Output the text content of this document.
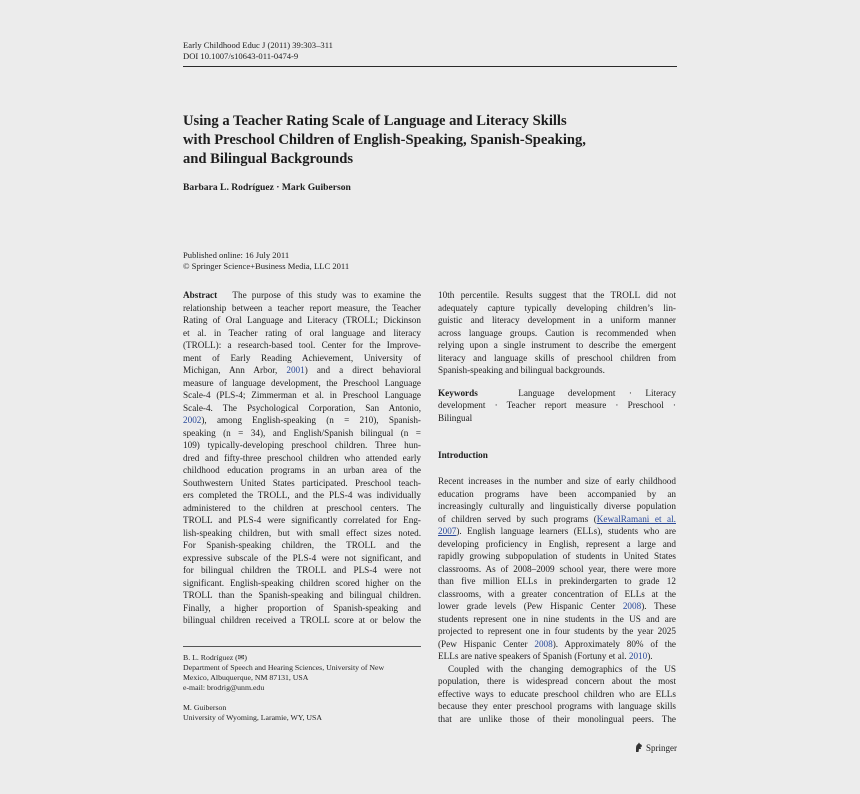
Early Childhood Educ J (2011) 39:303–311
DOI 10.1007/s10643-011-0474-9
Using a Teacher Rating Scale of Language and Literacy Skills
with Preschool Children of English-Speaking, Spanish-Speaking,
and Bilingual Backgrounds
Barbara L. Rodríguez · Mark Guiberson
Published online: 16 July 2011
© Springer Science+Business Media, LLC 2011
Abstract The purpose of this study was to examine the
relationship between a teacher report measure, the Teacher
Rating of Oral Language and Literacy (TROLL; Dickinson
et al. in Teacher rating of oral language and literacy
(TROLL): a research-based tool. Center for the Improve-
ment of Early Reading Achievement, University of
Michigan, Ann Arbor, 2001) and a direct behavioral
measure of language development, the Preschool Language
Scale-4 (PLS-4; Zimmerman et al. in Preschool Language
Scale-4. The Psychological Corporation, San Antonio,
2002), among English-speaking (n = 210), Spanish-
speaking (n = 34), and English/Spanish bilingual (n =
109) typically-developing preschool children. Three hun-
dred and fifty-three preschool children who attended early
childhood education programs in an urban area of the
Southwestern United States participated. Preschool teach-
ers completed the TROLL, and the PLS-4 was individually
administered to the children at preschool centers. The
TROLL and PLS-4 were significantly correlated for Eng-
lish-speaking children, but with small effect sizes noted.
For Spanish-speaking children, the TROLL and the
expressive subscale of the PLS-4 were not significant, and
for bilingual children the TROLL and PLS-4 were not
significant. English-speaking children scored higher on the
TROLL than the Spanish-speaking and bilingual children.
Finally, a higher proportion of Spanish-speaking and
bilingual children received a TROLL score at or below the
10th percentile. Results suggest that the TROLL did not
adequately capture typically developing children’s lin-
guistic and literacy development in a uniform manner
across language groups. Caution is recommended when
relying upon a single instrument to describe the emergent
literacy and language skills of preschool children from
Spanish-speaking and bilingual backgrounds.
Keywords	Language development · Literacy
development · Teacher report measure · Preschool ·
Bilingual
Introduction
Recent increases in the number and size of early childhood
education programs have been accompanied by an
increasingly culturally and linguistically diverse population
of children served by such programs (KewalRamani et al.
2007). English language learners (ELLs), students who are
developing proficiency in English, represent a large and
rapidly growing subpopulation of students in United States
classrooms. As of 2008–2009 school year, there were more
than five million ELLs in prekindergarten to grade 12
classrooms, with a greater concentration of ELLs at the
lower grade levels (Pew Hispanic Center 2008). These
students represent one in nine students in the US and are
projected to represent one in four students by the year 2025
(Pew Hispanic Center 2008). Approximately 80% of the
ELLs are native speakers of Spanish (Fortuny et al. 2010).
Coupled with the changing demographics of the US
population, there is widespread concern about the most
effective ways to educate preschool children who are ELLs
because they enter preschool programs with language skills
that are unlike those of their monolingual peers. The
B. L. Rodríguez (✉)
Department of Speech and Hearing Sciences, University of New
Mexico, Albuquerque, NM 87131, USA
e-mail: brodrig@unm.edu
M. Guiberson
University of Wyoming, Laramie, WY, USA
Springer
